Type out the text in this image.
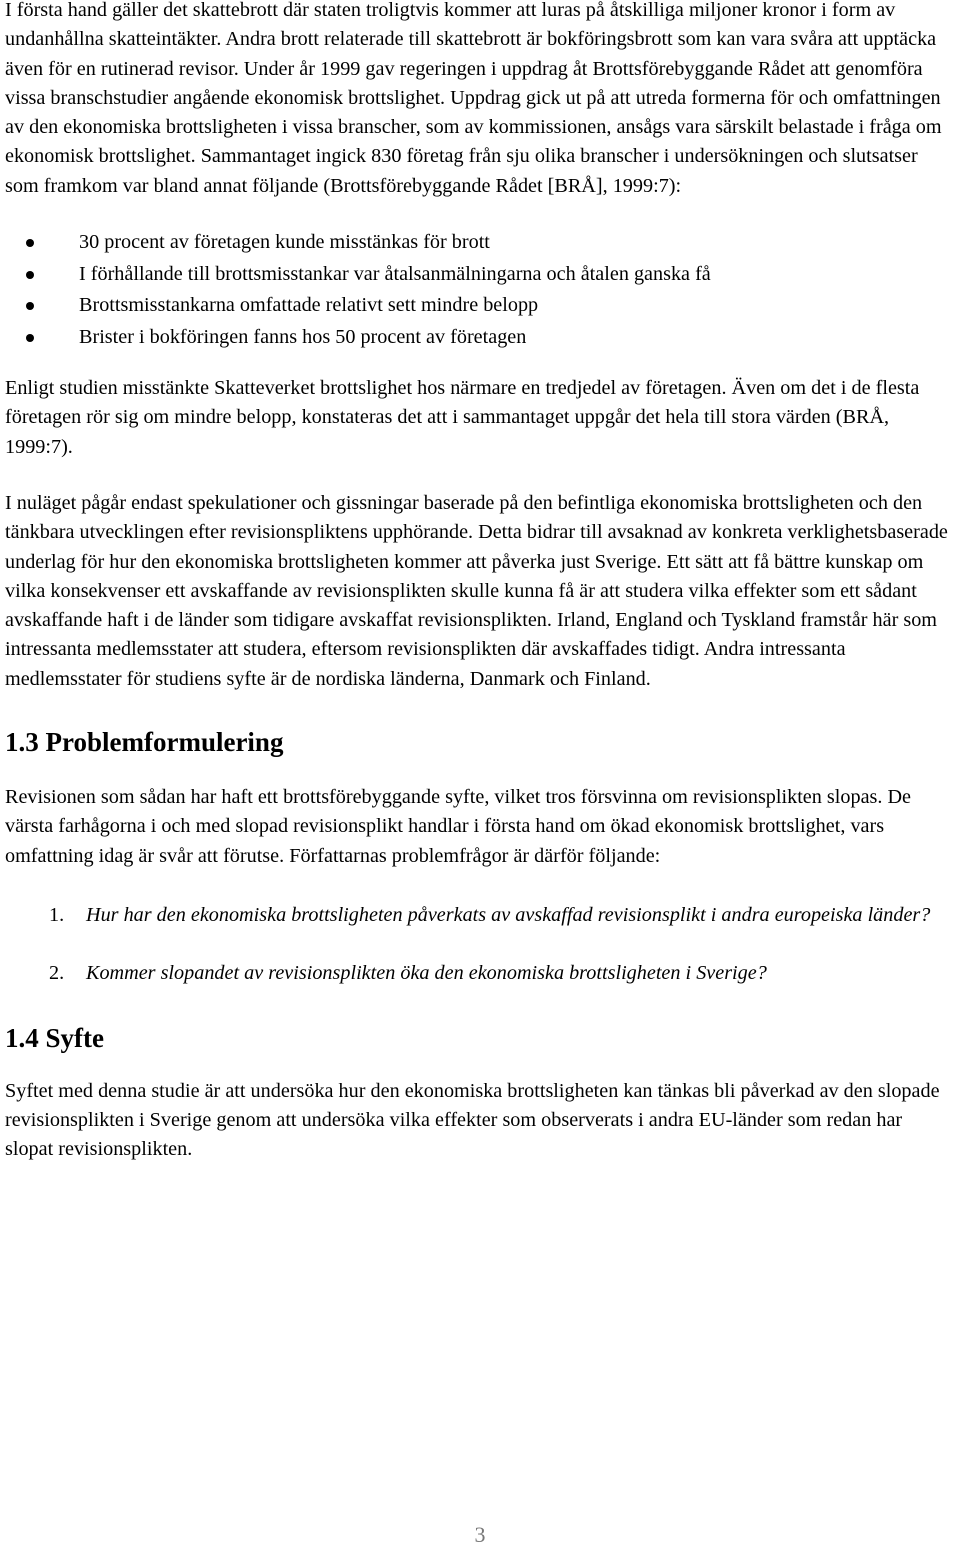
I första hand gäller det skattebrott där staten troligtvis kommer att luras på åtskilliga miljoner kronor i form av undanhållna skatteintäkter. Andra brott relaterade till skattebrott är bokföringsbrott som kan vara svåra att upptäcka även för en rutinerad revisor. Under år 1999 gav regeringen i uppdrag åt Brottsförebyggande Rådet att genomföra vissa branschstudier angående ekonomisk brottslighet. Uppdrag gick ut på att utreda formerna för och omfattningen av den ekonomiska brottsligheten i vissa branscher, som av kommissionen, ansågs vara särskilt belastade i fråga om ekonomisk brottslighet. Sammantaget ingick 830 företag från sju olika branscher i undersökningen och slutsatser som framkom var bland annat följande (Brottsförebyggande Rådet [BRÅ], 1999:7):

30 procent av företagen kunde misstänkas för brott
I förhållande till brottsmisstankar var åtalsanmälningarna och åtalen ganska få
Brottsmisstankarna omfattade relativt sett mindre belopp
Brister i bokföringen fanns hos 50 procent av företagen

Enligt studien misstänkte Skatteverket brottslighet hos närmare en tredjedel av företagen. Även om det i de flesta företagen rör sig om mindre belopp, konstateras det att i sammantaget uppgår det hela till stora värden (BRÅ, 1999:7).

I nuläget pågår endast spekulationer och gissningar baserade på den befintliga ekonomiska brottsligheten och den tänkbara utvecklingen efter revisionspliktens upphörande. Detta bidrar till avsaknad av konkreta verklighetsbaserade underlag för hur den ekonomiska brottsligheten kommer att påverka just Sverige. Ett sätt att få bättre kunskap om vilka konsekvenser ett avskaffande av revisionsplikten skulle kunna få är att studera vilka effekter som ett sådant avskaffande haft i de länder som tidigare avskaffat revisionsplikten. Irland, England och Tyskland framstår här som intressanta medlemsstater att studera, eftersom revisionsplikten där avskaffades tidigt. Andra intressanta medlemsstater för studiens syfte är de nordiska länderna, Danmark och Finland.

1.3 Problemformulering

Revisionen som sådan har haft ett brottsförebyggande syfte, vilket tros försvinna om revisionsplikten slopas. De värsta farhågorna i och med slopad revisionsplikt handlar i första hand om ökad ekonomisk brottslighet, vars omfattning idag är svår att förutse. Författarnas problemfrågor är därför följande:

1. Hur har den ekonomiska brottsligheten påverkats av avskaffad revisionsplikt i andra europeiska länder?
2. Kommer slopandet av revisionsplikten öka den ekonomiska brottsligheten i Sverige?
1.4 Syfte

Syftet med denna studie är att undersöka hur den ekonomiska brottsligheten kan tänkas bli påverkad av den slopade revisionsplikten i Sverige genom att undersöka vilka effekter som observerats i andra EU-länder som redan har slopat revisionsplikten.

3
